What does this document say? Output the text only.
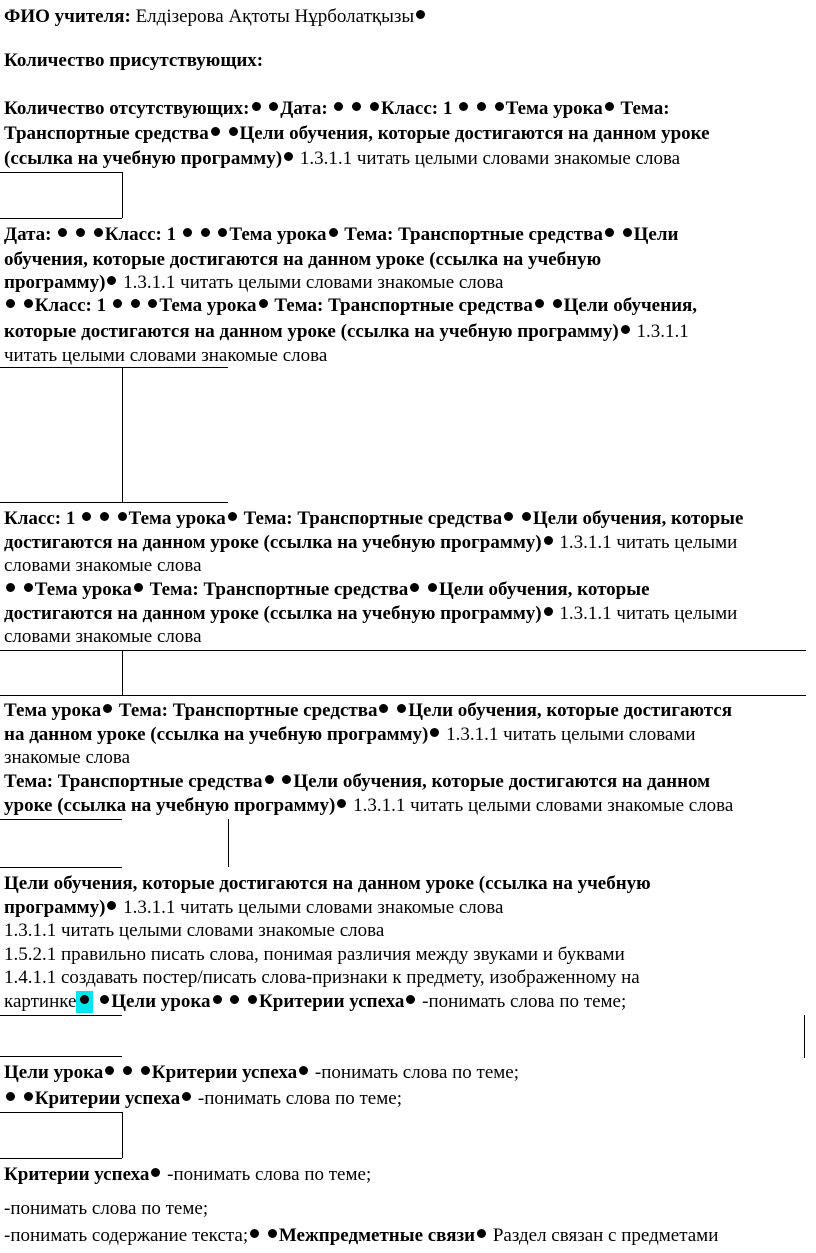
ФИО учителя: Елдізерова Ақтоты Нұрболатқызы
Количество присутствующих:
Количество отсутствующих: Дата:	Класс: 1	Тема урока Тема:
Транспортные средства Цели обучения, которые достигаются на данном уроке
(ссылка на учебную программу) 1.3.1.1 читать целыми словами знакомые слова
Дата:	Класс: 1	Тема урока Тема: Транспортные средства Цели
обучения, которые достигаются на данном уроке (ссылка на учебную
программу) 1.3.1.1 читать целыми словами знакомые слова
Класс: 1	Тема урока Тема: Транспортные средства Цели обучения,
которые достигаются на данном уроке (ссылка на учебную программу) 1.3.1.1
читать целыми словами знакомые слова
Класс: 1	Тема урока Тема: Транспортные средства Цели обучения, которые
достигаются на данном уроке (ссылка на учебную программу) 1.3.1.1 читать целыми
словами знакомые слова
Тема урока Тема: Транспортные средства Цели обучения, которые
достигаются на данном уроке (ссылка на учебную программу) 1.3.1.1 читать целыми
словами знакомые слова
Тема урока Тема: Транспортные средства Цели обучения, которые достигаются
на данном уроке (ссылка на учебную программу) 1.3.1.1 читать целыми словами
знакомые слова
Тема: Транспортные средства Цели обучения, которые достигаются на данном
уроке (ссылка на учебную программу) 1.3.1.1 читать целыми словами знакомые слова
Цели обучения, которые достигаются на данном уроке (ссылка на учебную
программу) 1.3.1.1 читать целыми словами знакомые слова
1.3.1.1 читать целыми словами знакомые слова
1.5.2.1 правильно писать слова, понимая различия между звуками и буквами
1.4.1.1 создавать постер/писать слова-признаки к предмету, изображенному на
картинке Цели урока	Критерии успеха -понимать слова по теме;
Цели урока	Критерии успеха -понимать слова по теме;
Критерии успеха -понимать слова по теме;
Критерии успеха -понимать слова по теме;
-понимать слова по теме;
-понимать содержание текста; Межпредметные связи Раздел связан с предметами
